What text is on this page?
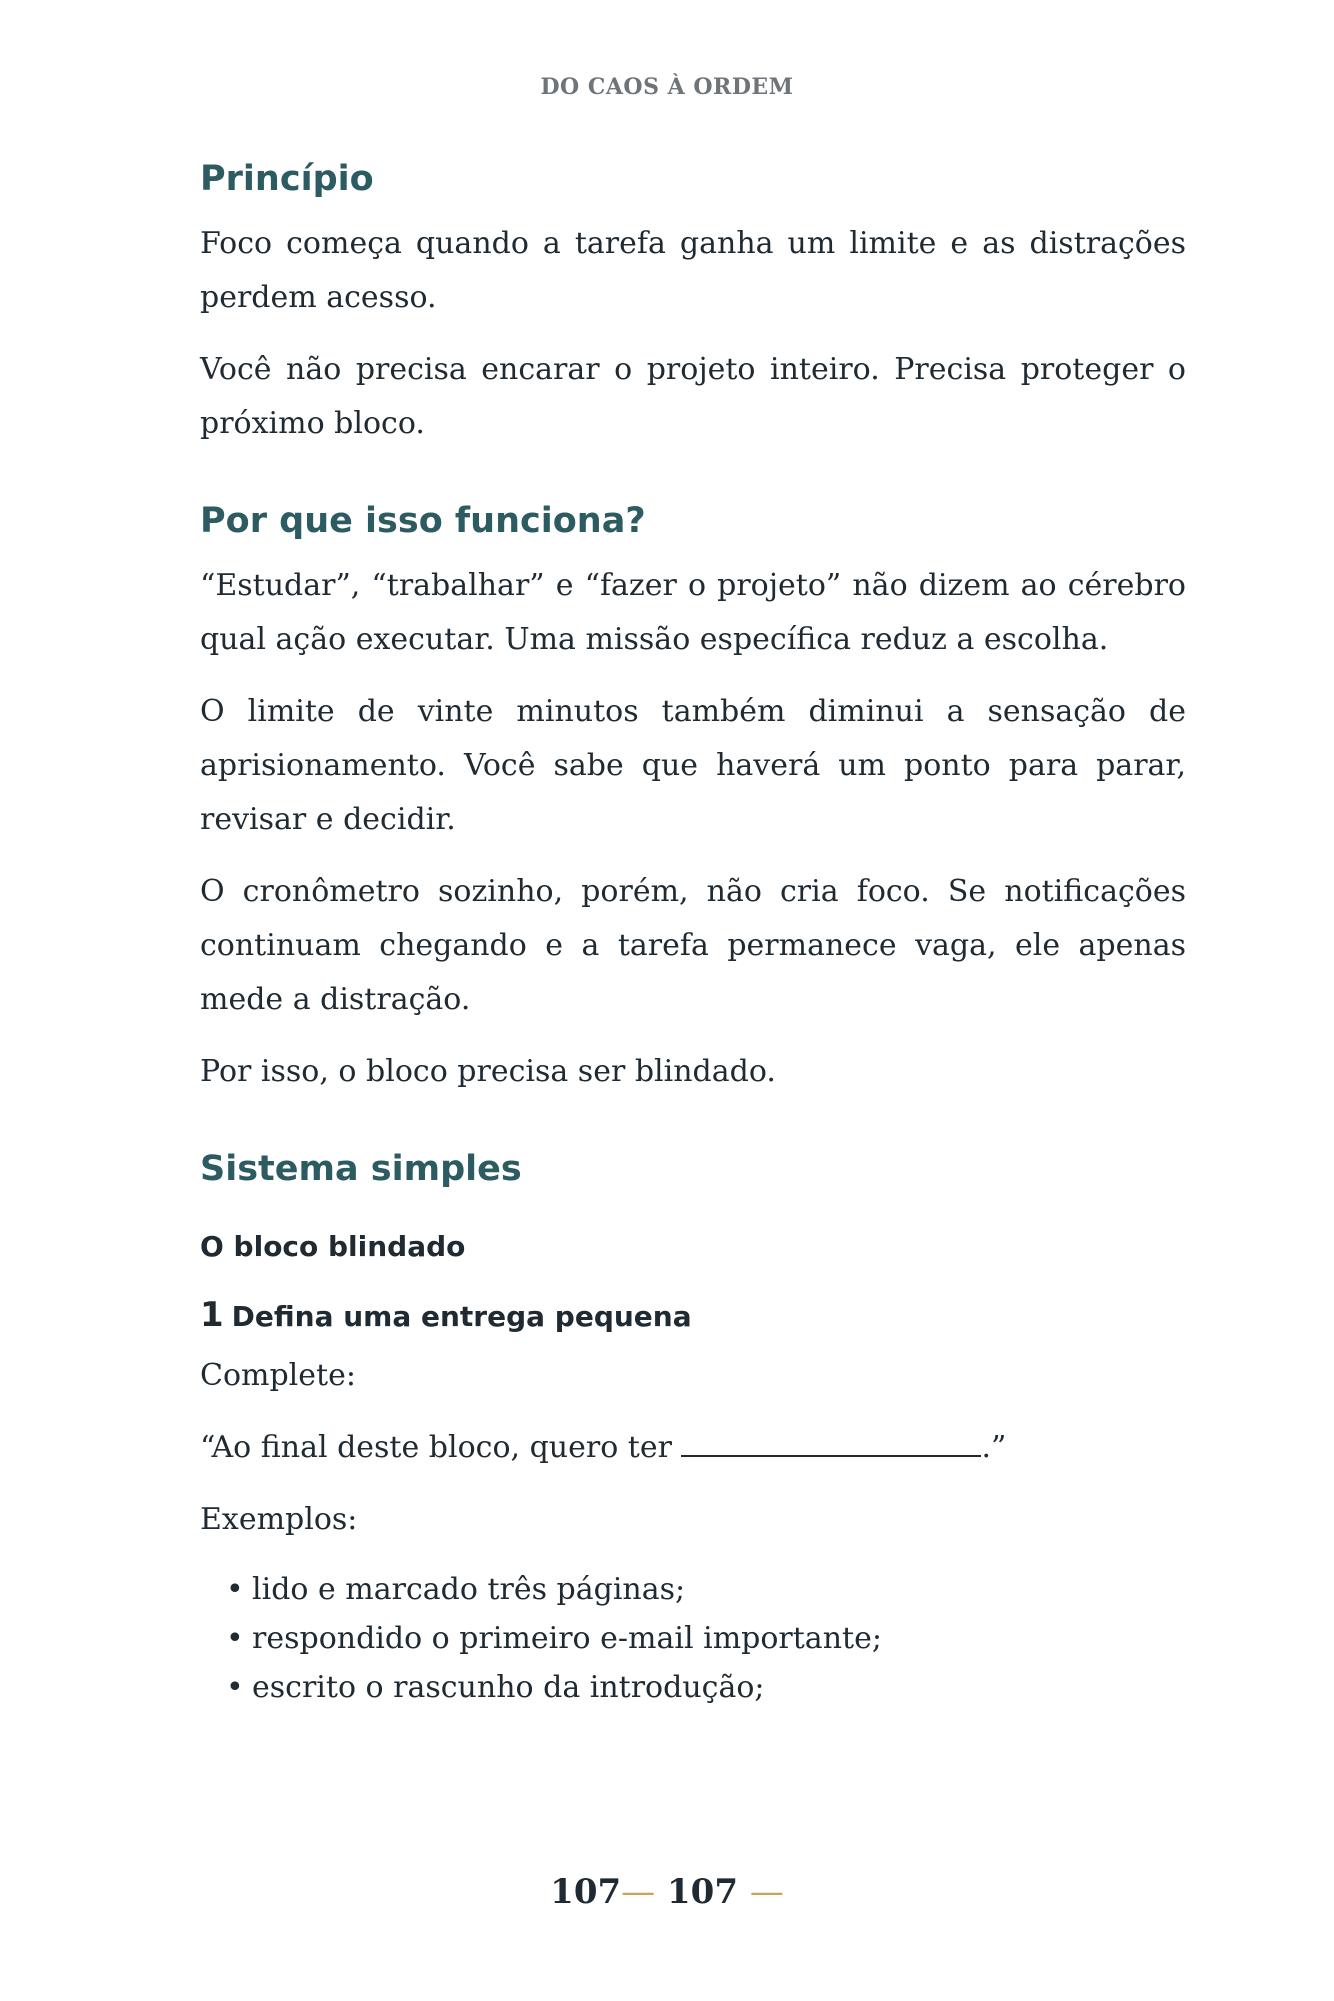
DO CAOS À ORDEM
Princípio

Foco começa quando a tarefa ganha um limite e as distrações perdem acesso.

Você não precisa encarar o projeto inteiro. Precisa proteger o próximo bloco.

Por que isso funciona?

“Estudar”, “trabalhar” e “fazer o projeto” não dizem ao cérebro qual ação executar. Uma missão específica reduz a escolha.

O limite de vinte minutos também diminui a sensação de aprisionamento. Você sabe que haverá um ponto para parar, revisar e decidir.

O cronômetro sozinho, porém, não cria foco. Se notificações continuam chegando e a tarefa permanece vaga, ele apenas mede a distração.

Por isso, o bloco precisa ser blindado.

Sistema simples
O bloco blindado
1 Defina uma entrega pequena

Complete:

“Ao final deste bloco, quero ter	.”

Exemplos:

• lido e marcado três páginas;
• respondido o primeiro e-mail importante;
• escrito o rascunho da introdução;
107— 107 —
